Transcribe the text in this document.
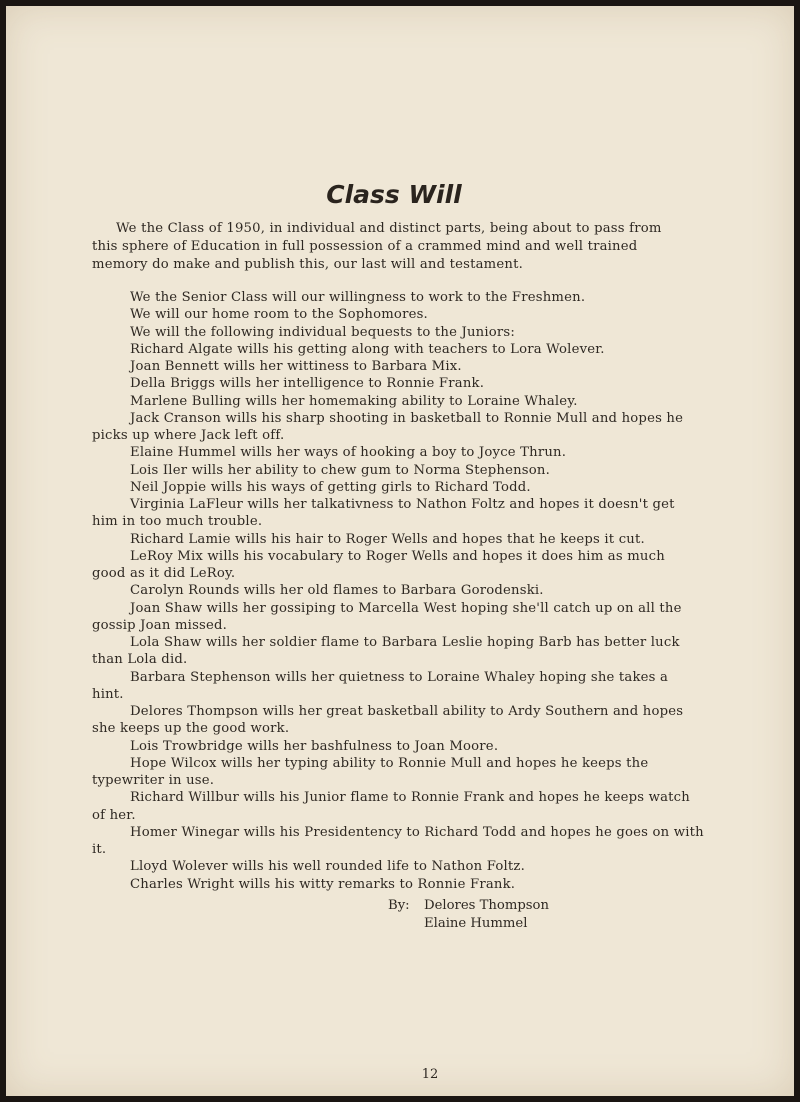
Class Will
We the Class of 1950, in individual and distinct parts, being about to pass from
this sphere of Education in full possession of a crammed mind and well trained
memory do make and publish this, our last will and testament.
We the Senior Class will our willingness to work to the Freshmen.
We will our home room to the Sophomores.
We will the following individual bequests to the Juniors:
Richard Algate wills his getting along with teachers to Lora Wolever.
Joan Bennett wills her wittiness to Barbara Mix.
Della Briggs wills her intelligence to Ronnie Frank.
Marlene Bulling wills her homemaking ability to Loraine Whaley.
Jack Cranson wills his sharp shooting in basketball to Ronnie Mull and hopes he
picks up where Jack left off.
Elaine Hummel wills her ways of hooking a boy to Joyce Thrun.
Lois Iler wills her ability to chew gum to Norma Stephenson.
Neil Joppie wills his ways of getting girls to Richard Todd.
Virginia LaFleur wills her talkativness to Nathon Foltz and hopes it doesn't get
him in too much trouble.
Richard Lamie wills his hair to Roger Wells and hopes that he keeps it cut.
LeRoy Mix wills his vocabulary to Roger Wells and hopes it does him as much
good as it did LeRoy.
Carolyn Rounds wills her old flames to Barbara Gorodenski.
Joan Shaw wills her gossiping to Marcella West hoping she'll catch up on all the
gossip Joan missed.
Lola Shaw wills her soldier flame to Barbara Leslie hoping Barb has better luck
than Lola did.
Barbara Stephenson wills her quietness to Loraine Whaley hoping she takes a
hint.
Delores Thompson wills her great basketball ability to Ardy Southern and hopes
she keeps up the good work.
Lois Trowbridge wills her bashfulness to Joan Moore.
Hope Wilcox wills her typing ability to Ronnie Mull and hopes he keeps the
typewriter in use.
Richard Willbur wills his Junior flame to Ronnie Frank and hopes he keeps watch
of her.
Homer Winegar wills his Presidentency to Richard Todd and hopes he goes on with
it.
Lloyd Wolever wills his well rounded life to Nathon Foltz.
Charles Wright wills his witty remarks to Ronnie Frank.
By: Delores Thompson
Elaine Hummel
12
